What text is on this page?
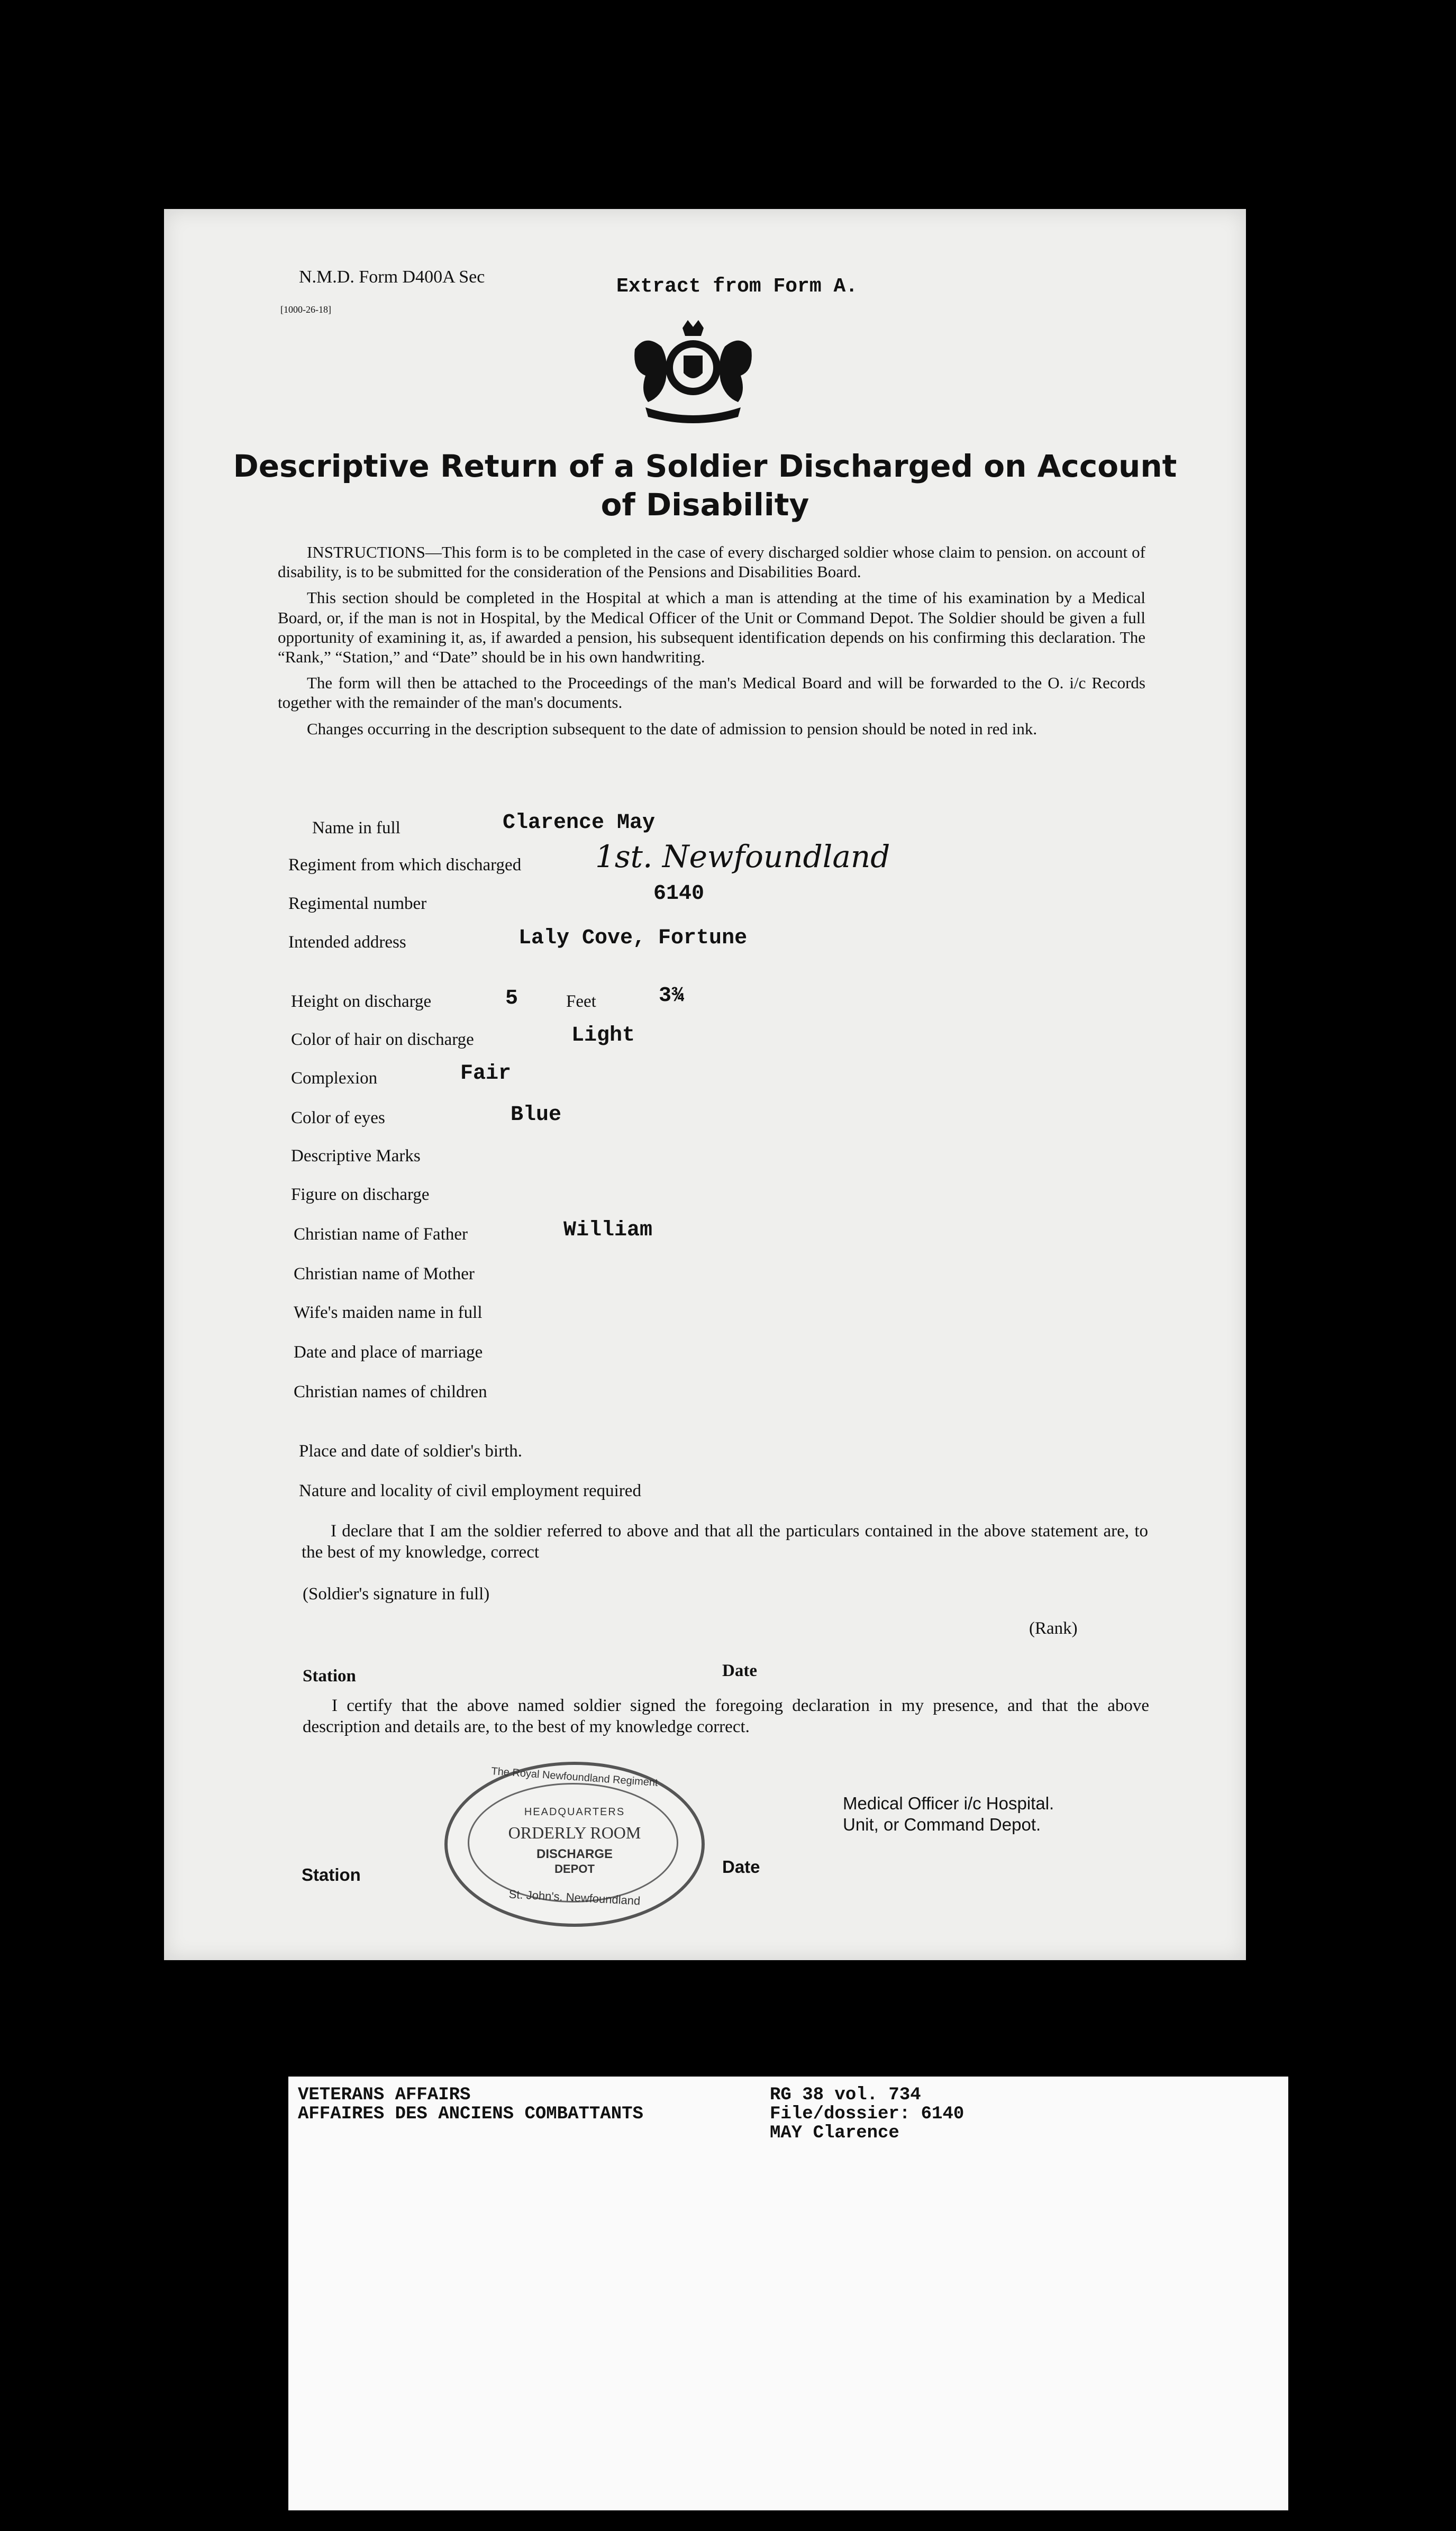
N.M.D. Form D400A Sec
[1000-26-18]
Extract from Form A.
Descriptive Return of a Soldier Discharged on Account
of Disability

INSTRUCTIONS—This form is to be completed in the case of every discharged soldier whose claim to pension. on account of disability, is to be submitted for the consideration of the Pensions and Disabilities Board.

This section should be completed in the Hospital at which a man is attending at the time of his examination by a Medical Board, or, if the man is not in Hospital, by the Medical Officer of the Unit or Command Depot. The Soldier should be given a full opportunity of examining it, as, if awarded a pension, his subsequent identification depends on his confirming this declaration. The “Rank,” “Station,” and “Date” should be in his own handwriting.

The form will then be attached to the Proceedings of the man's Medical Board and will be forwarded to the O. i/c Records together with the remainder of the man's documents.

Changes occurring in the description subsequent to the date of admission to pension should be noted in red ink.

Name in full	Clarence May
Regiment from which discharged 1st. Newfoundland
Regimental number	6140
Intended address	Laly Cove, Fortune
Height on discharge	5	Feet	3¾
Color of hair on discharge	Light
Complexion	Fair
Color of eyes	Blue
Descriptive Marks
Figure on discharge
Christian name of Father	William
Christian name of Mother
Wife's maiden name in full
Date and place of marriage
Christian names of children
Place and date of soldier's birth.
Nature and locality of civil employment required
I declare that I am the soldier referred to above and that all the particulars contained in the above statement are, to the best of my knowledge, correct
(Soldier's signature in full)
(Rank)
Station	Date
I certify that the above named soldier signed the foregoing declaration in my presence, and that the above description and details are, to the best of my knowledge correct.
The Royal Newfoundland Regiment
HEADQUARTERS
ORDERLY ROOM
DISCHARGE
DEPOT
St. John's. Newfoundland
Medical Officer i/c Hospital.
Unit, or Command Depot.
Station	Date
VETERANS AFFAIRS
AFFAIRES DES ANCIENS COMBATTANTS
RG 38 vol. 734
File/dossier: 6140
MAY Clarence
